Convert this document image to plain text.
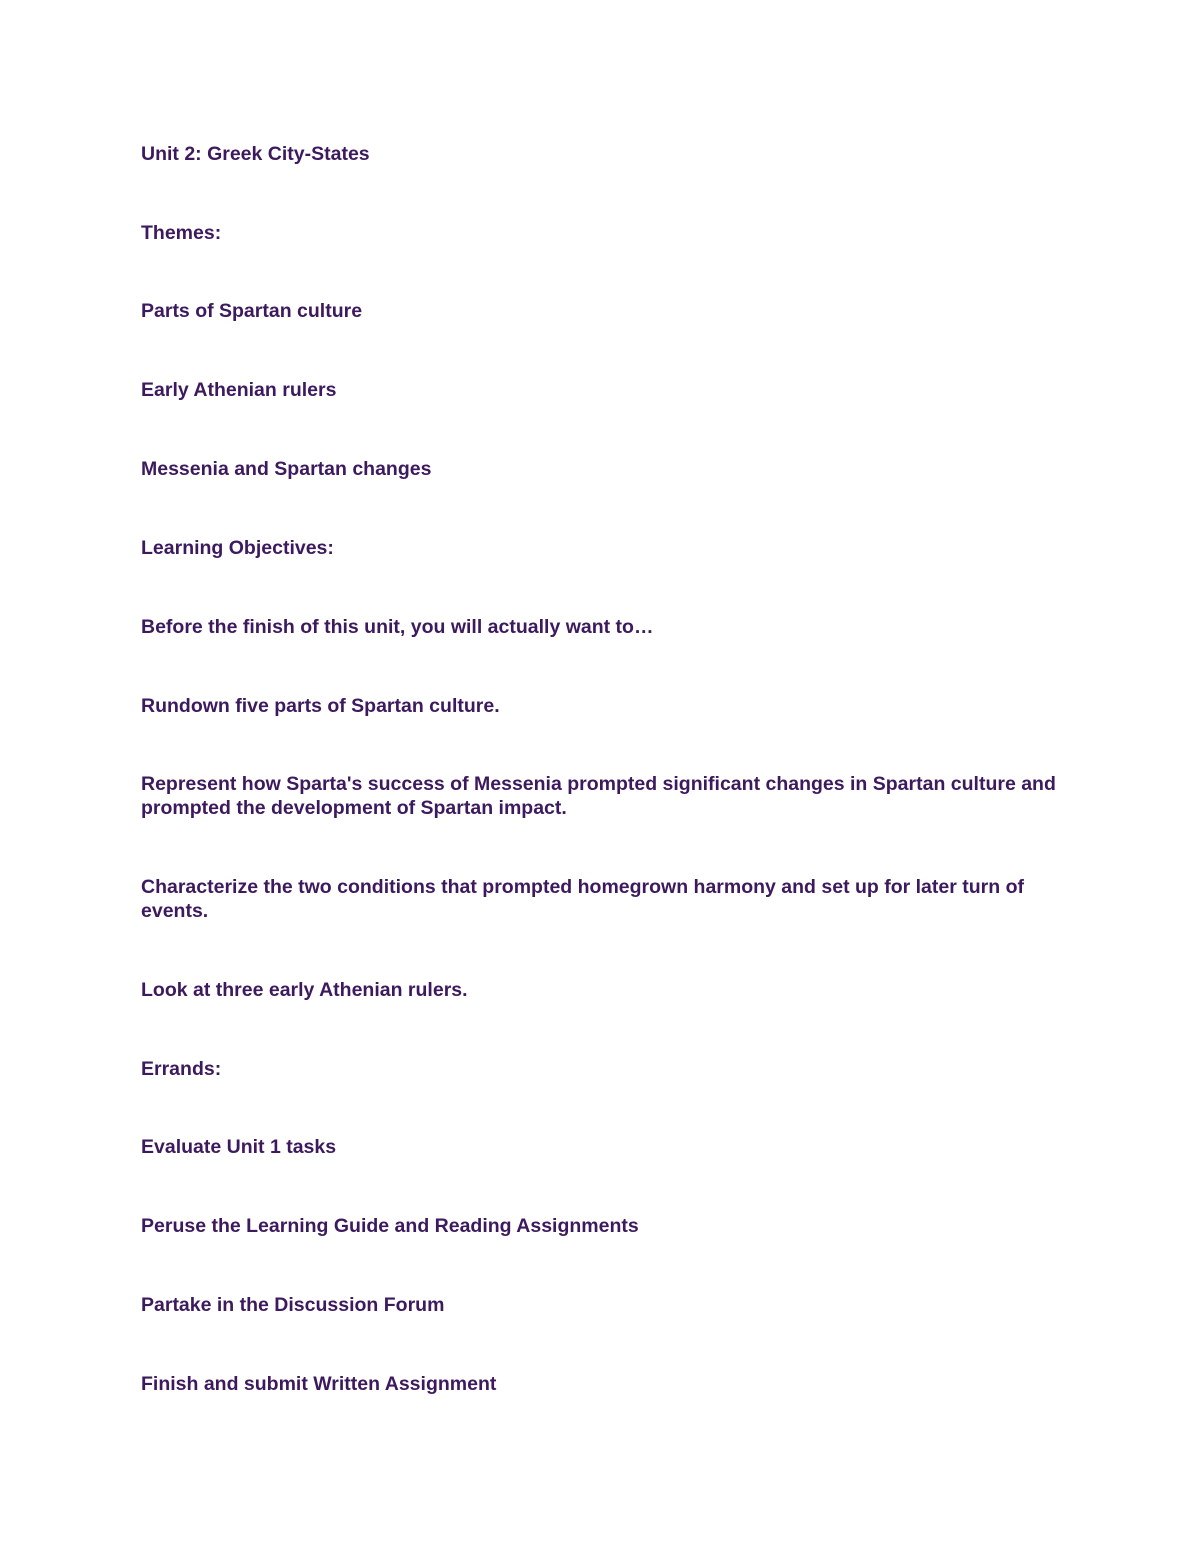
Unit 2: Greek City-States

Themes:

Parts of Spartan culture

Early Athenian rulers

Messenia and Spartan changes

Learning Objectives:

Before the finish of this unit, you will actually want to…

Rundown five parts of Spartan culture.

Represent how Sparta's success of Messenia prompted significant changes in Spartan culture and prompted the development of Spartan impact.

Characterize the two conditions that prompted homegrown harmony and set up for later turn of events.

Look at three early Athenian rulers.

Errands:

Evaluate Unit 1 tasks

Peruse the Learning Guide and Reading Assignments

Partake in the Discussion Forum

Finish and submit Written Assignment
